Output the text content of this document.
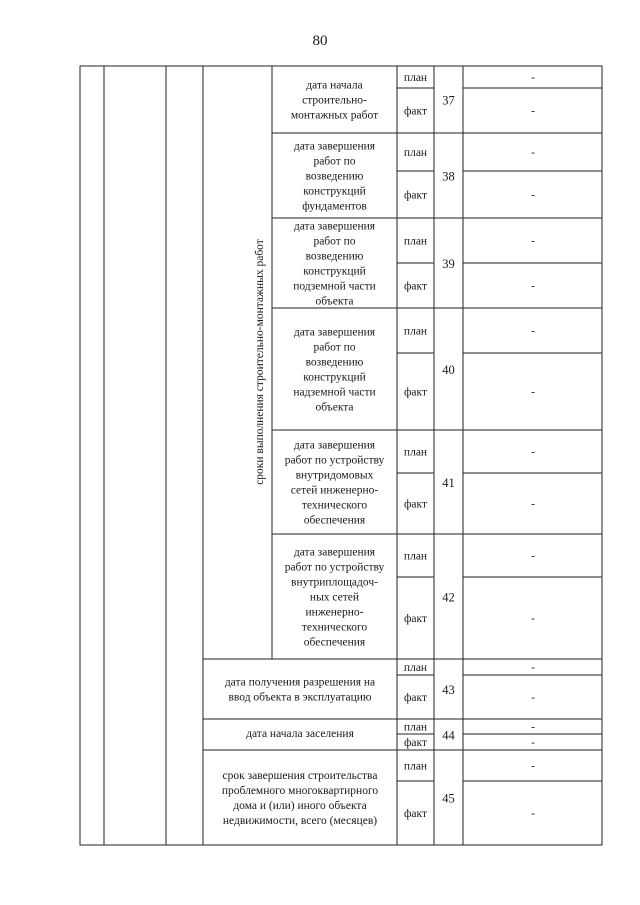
80
дата начала
строительно-
монтажных работ
план
факт
37
-
-
дата завершения
работ по
возведению
конструкций
фундаментов
план
факт
38
-
-
дата завершения
работ по
возведению
конструкций
подземной части
объекта
план
факт
39
-
-
дата завершения
работ по
возведению
конструкций
надземной части
объекта
план
факт
40
-
-
дата завершения
работ по устройству
внутридомовых
сетей инженерно-
технического
обеспечения
план
факт
41
-
-
дата завершения
работ по устройству
внутриплощадоч-
ных сетей
инженерно-
технического
обеспечения
план
факт
42
-
-
дата получения разрешения на
ввод объекта в эксплуатацию
план
факт
43
-
-
дата начала заселения
план
факт
44
-
-
срок завершения строительства
проблемного многоквартирного
дома и (или) иного объекта
недвижимости, всего (месяцев)
план
факт
45
-
-
сроки выполнения строительно-монтажных работ
